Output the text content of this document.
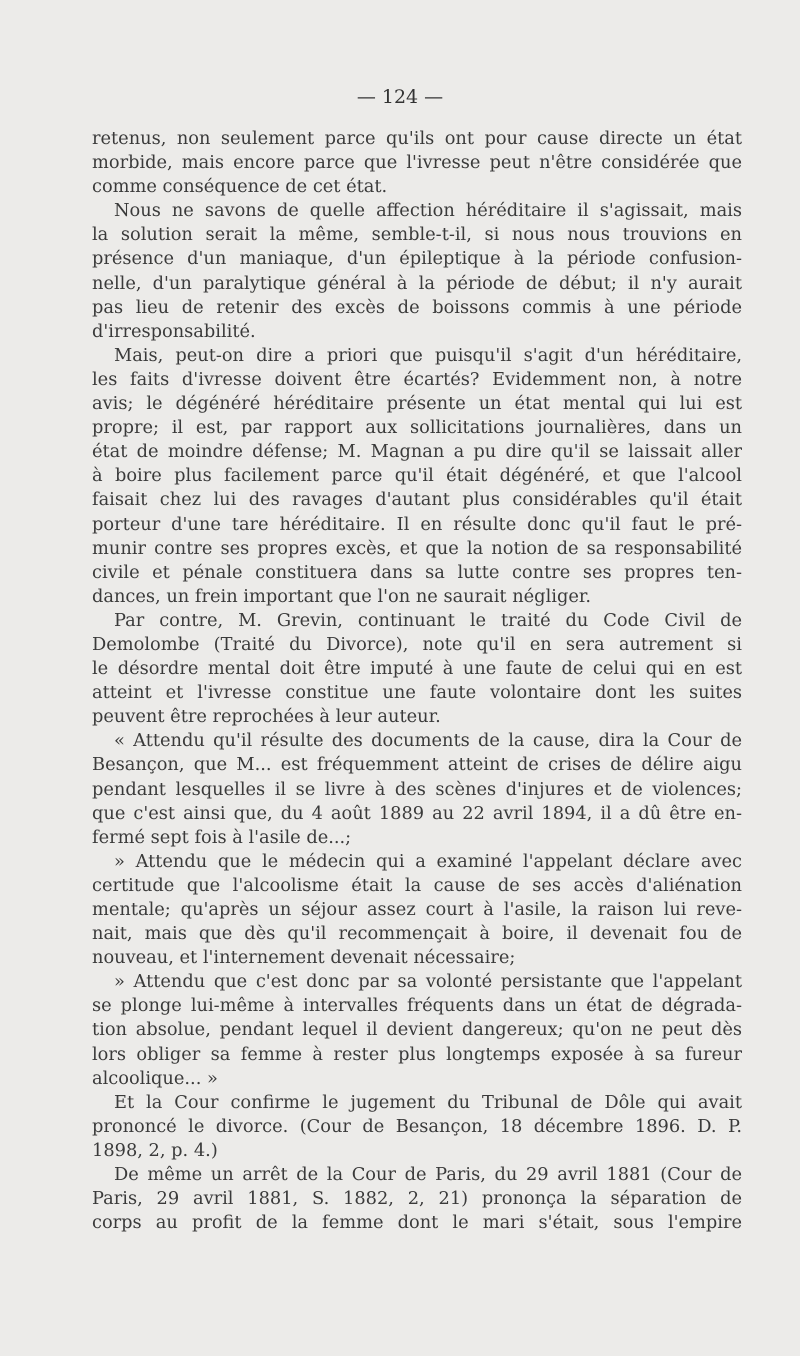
— 124 —
retenus, non seulement parce qu'ils ont pour cause directe un état
morbide, mais encore parce que l'ivresse peut n'être considérée que
comme conséquence de cet état.
Nous ne savons de quelle affection héréditaire il s'agissait, mais
la solution serait la même, semble-t-il, si nous nous trouvions en
présence d'un maniaque, d'un épileptique à la période confusion-
nelle, d'un paralytique général à la période de début; il n'y aurait
pas lieu de retenir des excès de boissons commis à une période
d'irresponsabilité.
Mais, peut-on dire a priori que puisqu'il s'agit d'un héréditaire,
les faits d'ivresse doivent être écartés? Evidemment non, à notre
avis; le dégénéré héréditaire présente un état mental qui lui est
propre; il est, par rapport aux sollicitations journalières, dans un
état de moindre défense; M. Magnan a pu dire qu'il se laissait aller
à boire plus facilement parce qu'il était dégénéré, et que l'alcool
faisait chez lui des ravages d'autant plus considérables qu'il était
porteur d'une tare héréditaire. Il en résulte donc qu'il faut le pré-
munir contre ses propres excès, et que la notion de sa responsabilité
civile et pénale constituera dans sa lutte contre ses propres ten-
dances, un frein important que l'on ne saurait négliger.
Par contre, M. Grevin, continuant le traité du Code Civil de
Demolombe (Traité du Divorce), note qu'il en sera autrement si
le désordre mental doit être imputé à une faute de celui qui en est
atteint et l'ivresse constitue une faute volontaire dont les suites
peuvent être reprochées à leur auteur.
« Attendu qu'il résulte des documents de la cause, dira la Cour de
Besançon, que M... est fréquemment atteint de crises de délire aigu
pendant lesquelles il se livre à des scènes d'injures et de violences;
que c'est ainsi que, du 4 août 1889 au 22 avril 1894, il a dû être en-
fermé sept fois à l'asile de...;
» Attendu que le médecin qui a examiné l'appelant déclare avec
certitude que l'alcoolisme était la cause de ses accès d'aliénation
mentale; qu'après un séjour assez court à l'asile, la raison lui reve-
nait, mais que dès qu'il recommençait à boire, il devenait fou de
nouveau, et l'internement devenait nécessaire;
» Attendu que c'est donc par sa volonté persistante que l'appelant
se plonge lui-même à intervalles fréquents dans un état de dégrada-
tion absolue, pendant lequel il devient dangereux; qu'on ne peut dès
lors obliger sa femme à rester plus longtemps exposée à sa fureur
alcoolique... »
Et la Cour confirme le jugement du Tribunal de Dôle qui avait
prononcé le divorce. (Cour de Besançon, 18 décembre 1896. D. P.
1898, 2, p. 4.)
De même un arrêt de la Cour de Paris, du 29 avril 1881 (Cour de
Paris, 29 avril 1881, S. 1882, 2, 21) prononça la séparation de
corps au profit de la femme dont le mari s'était, sous l'empire
